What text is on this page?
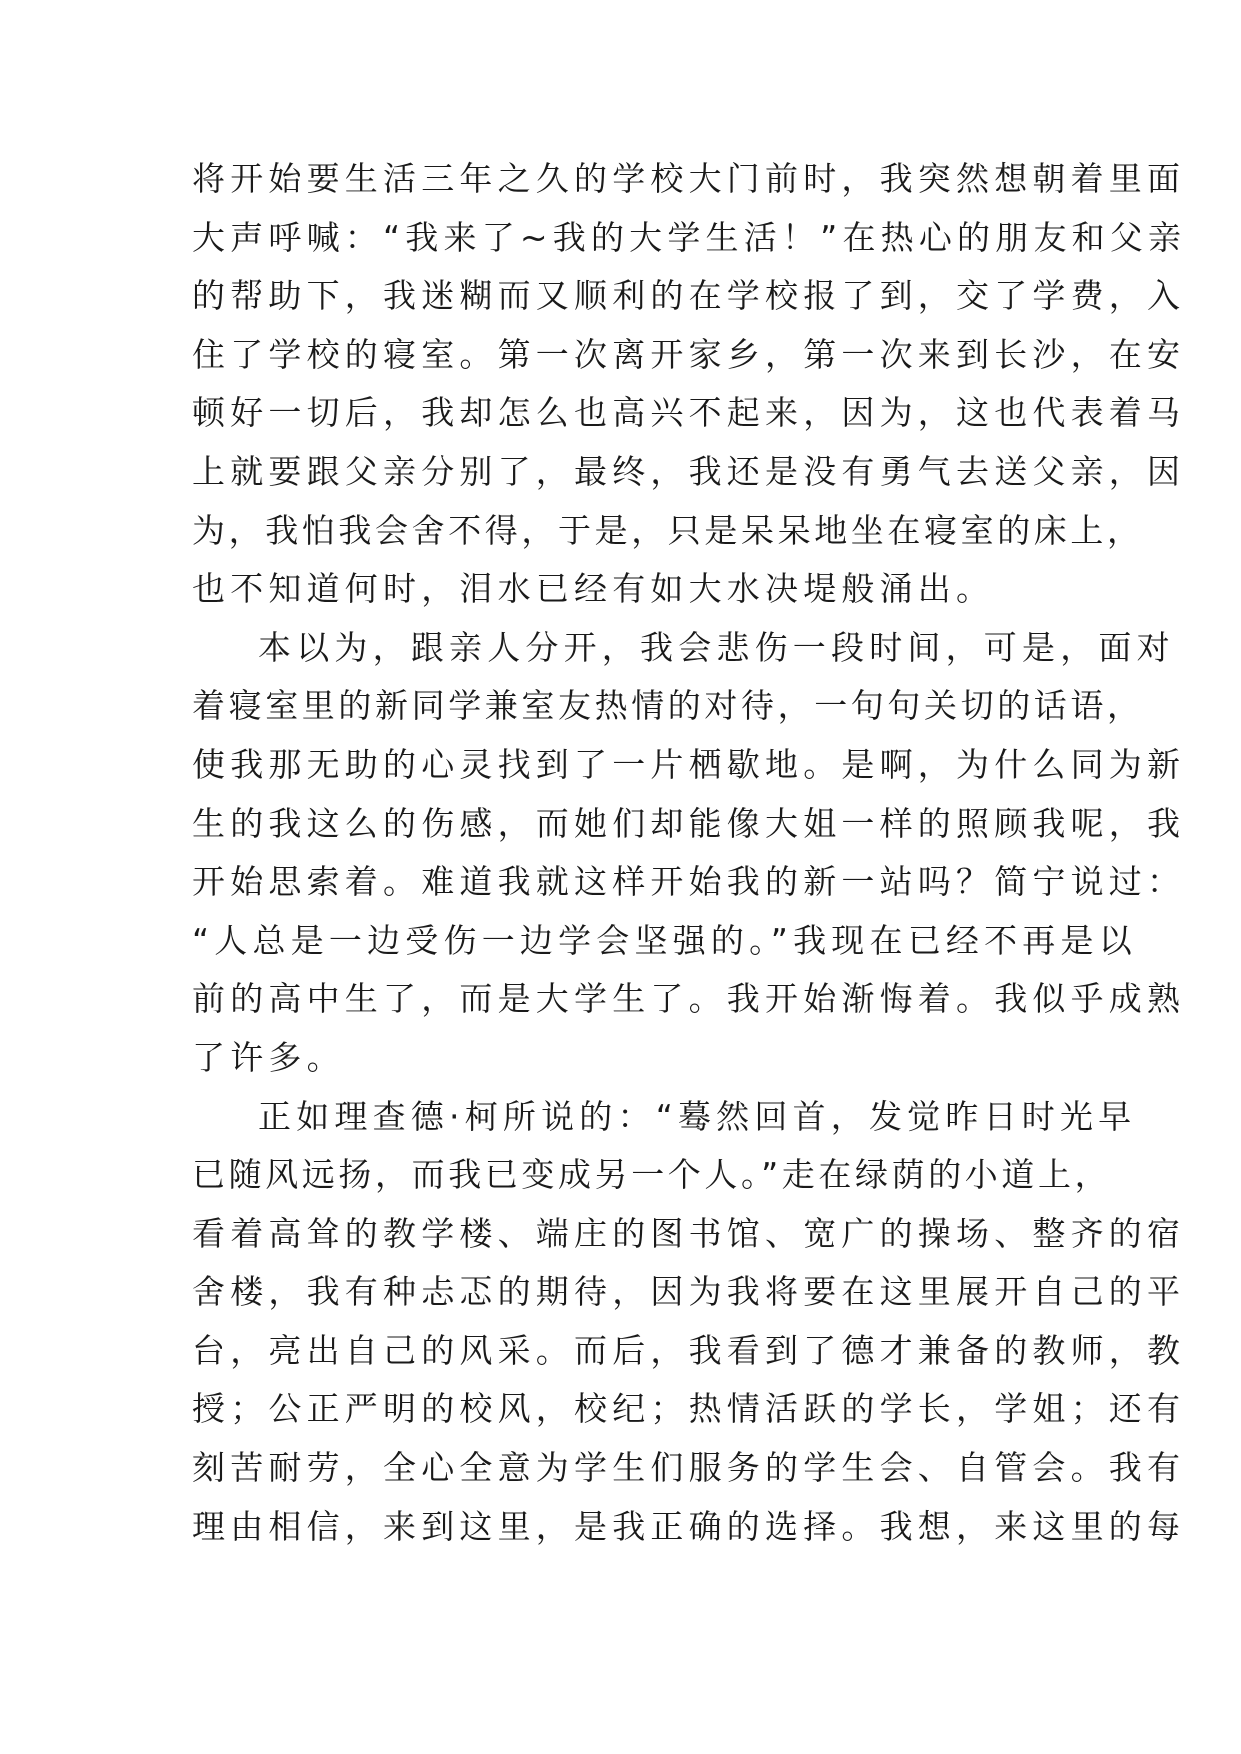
将开始要生活三年之久的学校大门前时，我突然想朝着里面
大声呼喊：“我来了~我的大学生活！”在热心的朋友和父亲
的帮助下，我迷糊而又顺利的在学校报了到，交了学费，入
住了学校的寝室。第一次离开家乡，第一次来到长沙，在安
顿好一切后，我却怎么也高兴不起来，因为，这也代表着马
上就要跟父亲分别了，最终，我还是没有勇气去送父亲，因
为，我怕我会舍不得，于是，只是呆呆地坐在寝室的床上，
也不知道何时，泪水已经有如大水决堤般涌出。
本以为，跟亲人分开，我会悲伤一段时间，可是，面对
着寝室里的新同学兼室友热情的对待，一句句关切的话语，
使我那无助的心灵找到了一片栖歇地。是啊，为什么同为新
生的我这么的伤感，而她们却能像大姐一样的照顾我呢，我
开始思索着。难道我就这样开始我的新一站吗？简宁说过：
“人总是一边受伤一边学会坚强的。”我现在已经不再是以
前的高中生了，而是大学生了。我开始渐悔着。我似乎成熟
了许多。
正如理查德·柯所说的：“蓦然回首，发觉昨日时光早
已随风远扬，而我已变成另一个人。”走在绿荫的小道上，
看着高耸的教学楼、端庄的图书馆、宽广的操场、整齐的宿
舍楼，我有种忐忑的期待，因为我将要在这里展开自己的平
台，亮出自己的风采。而后，我看到了德才兼备的教师，教
授；公正严明的校风，校纪；热情活跃的学长，学姐；还有
刻苦耐劳，全心全意为学生们服务的学生会、自管会。我有
理由相信，来到这里，是我正确的选择。我想，来这里的每
